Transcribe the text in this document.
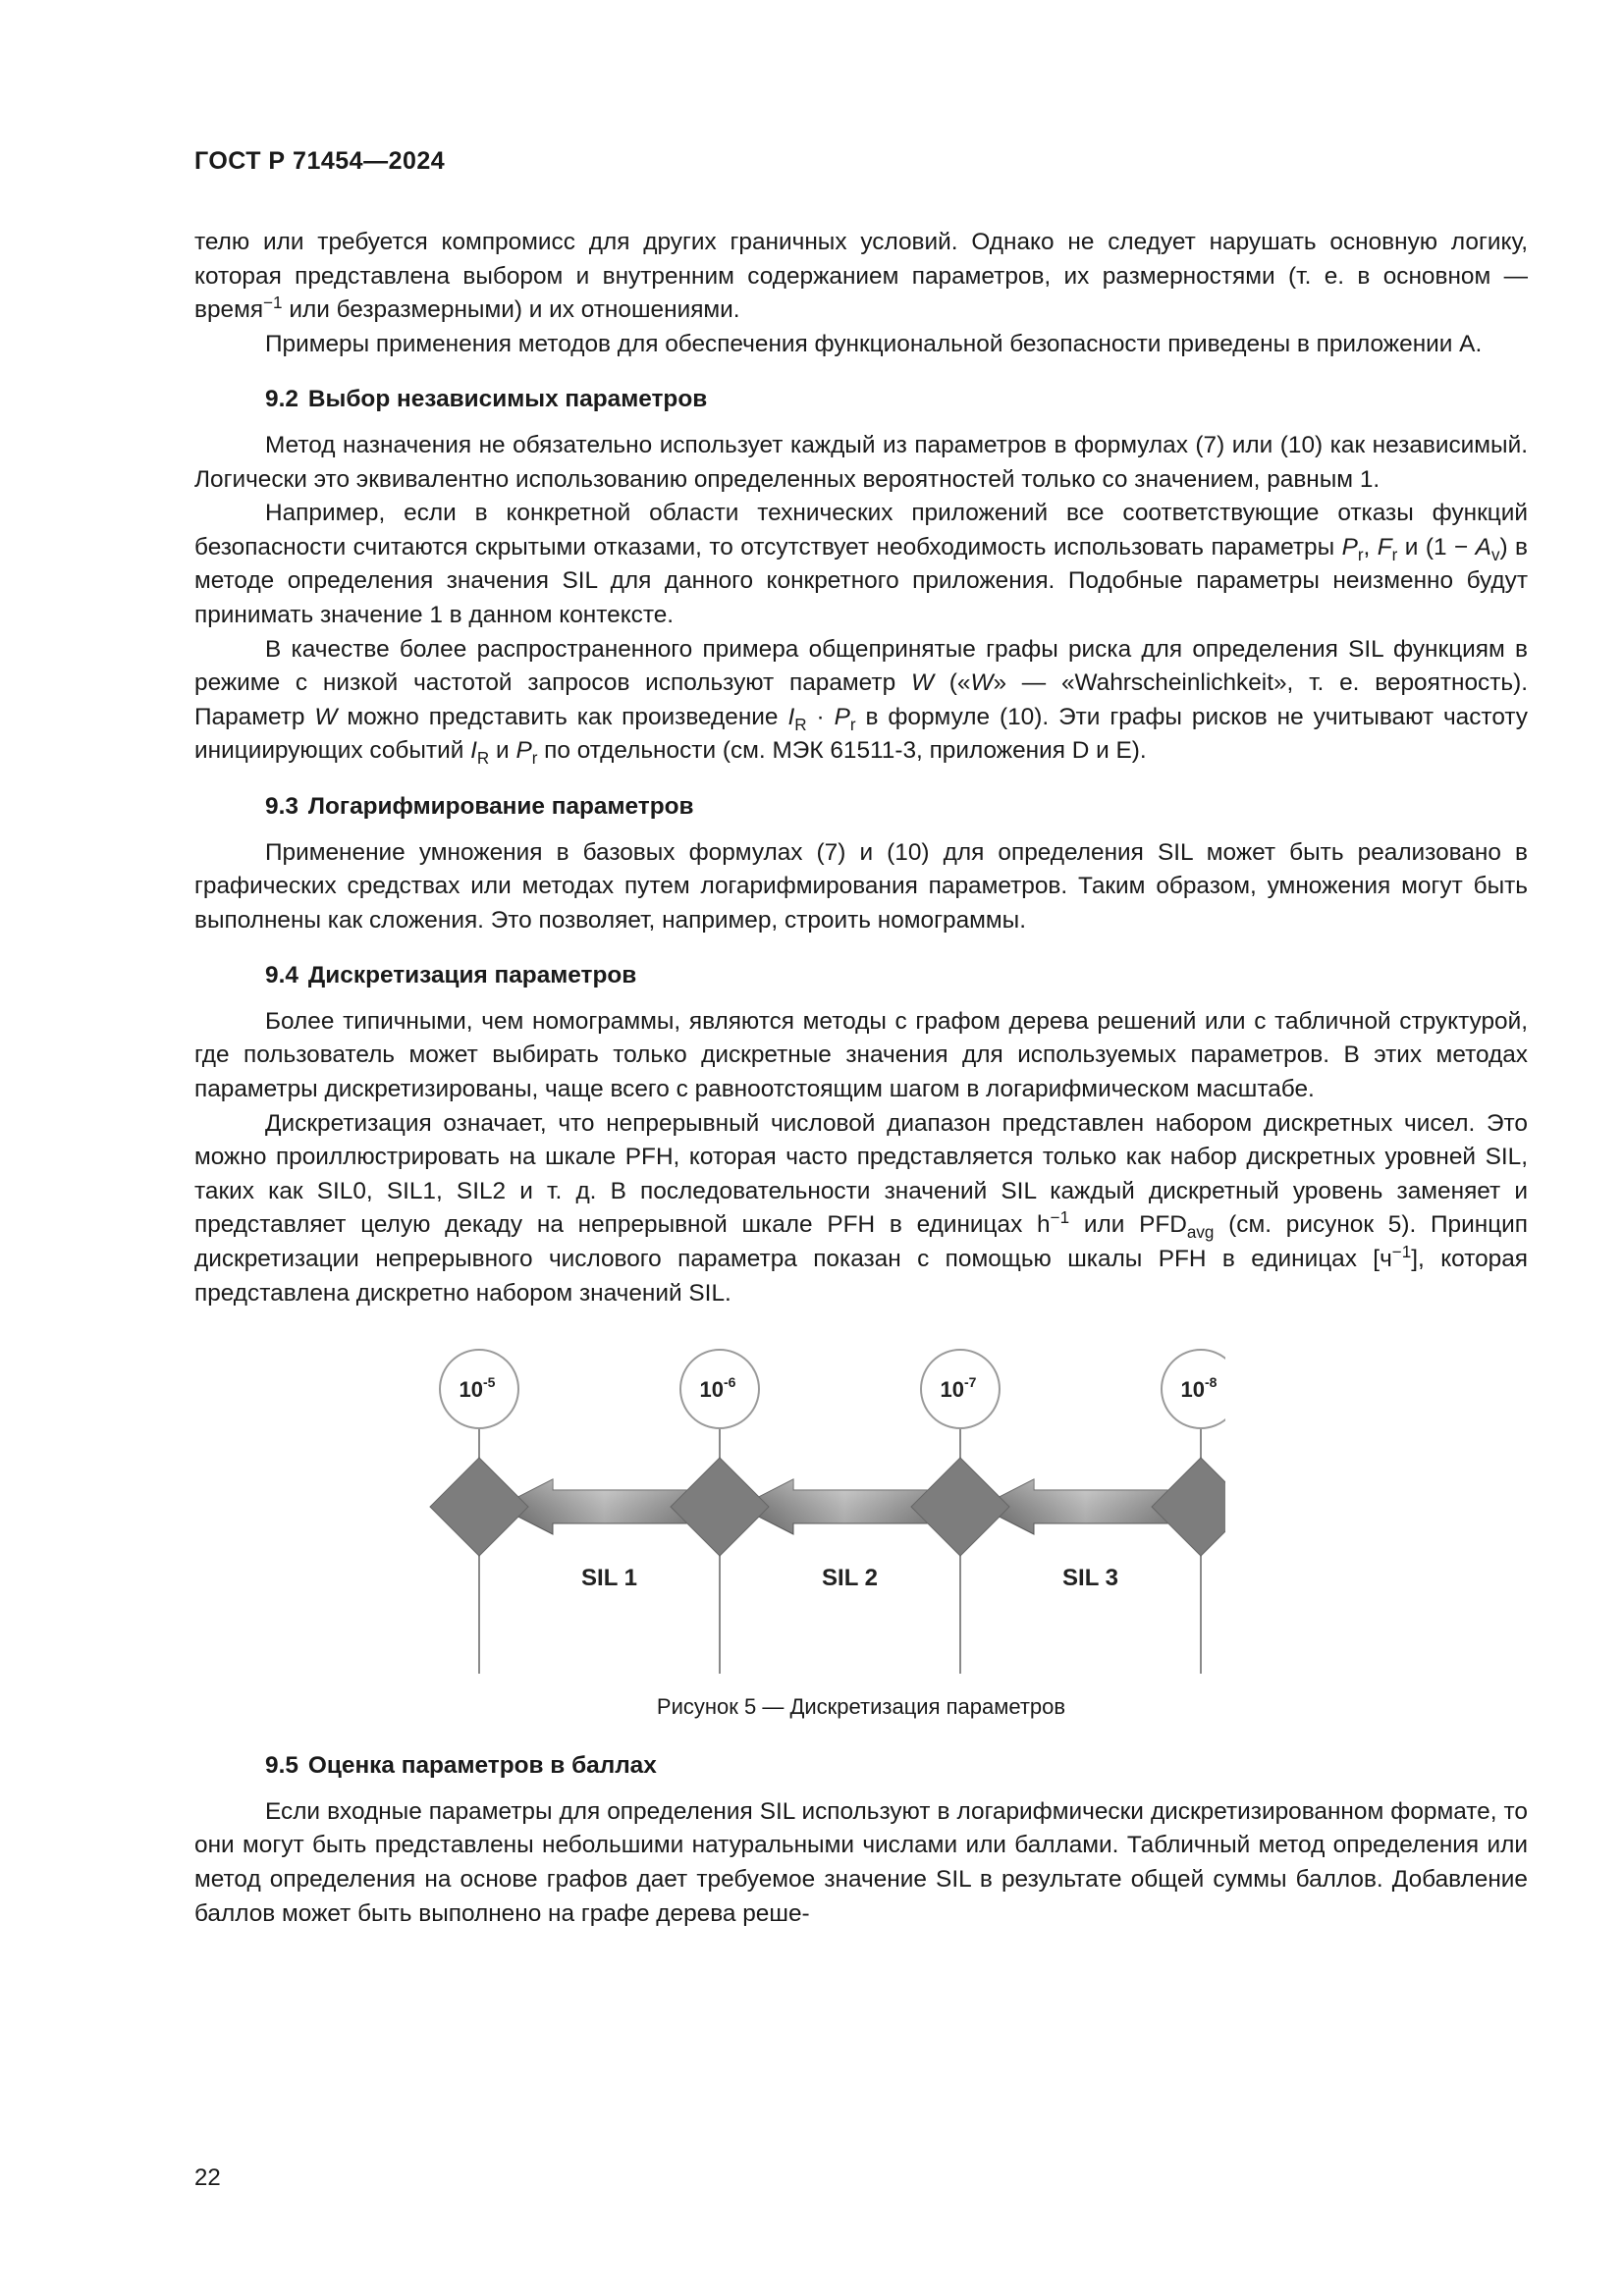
ГОСТ Р 71454—2024

телю или требуется компромисс для других граничных условий. Однако не следует нарушать основную логику, которая представлена выбором и внутренним содержанием параметров, их размерностями (т. е. в основном — время$^{-1}$ или безразмерными) и их отношениями.

Примеры применения методов для обеспечения функциональной безопасности приведены в приложении А.

9.2 Выбор независимых параметров

Метод назначения не обязательно использует каждый из параметров в формулах (7) или (10) как независимый. Логически это эквивалентно использованию определенных вероятностей только со значением, равным 1.

Например, если в конкретной области технических приложений все соответствующие отказы функций безопасности считаются скрытыми отказами, то отсутствует необходимость использовать параметры $P_r$, $F_r$ и $(1 - A_v)$ в методе определения значения SIL для данного конкретного приложения. Подобные параметры неизменно будут принимать значение 1 в данном контексте.

В качестве более распространенного примера общепринятые графы риска для определения SIL функциям в режиме с низкой частотой запросов используют параметр W («W» — «Wahrscheinlichkeit», т. е. вероятность). Параметр W можно представить как произведение $I_R \cdot P_r$ в формуле (10). Эти графы рисков не учитывают частоту инициирующих событий $I_R$ и $P_r$ по отдельности (см. МЭК 61511-3, приложения D и Е).

9.3 Логарифмирование параметров

Применение умножения в базовых формулах (7) и (10) для определения SIL может быть реализовано в графических средствах или методах путем логарифмирования параметров. Таким образом, умножения могут быть выполнены как сложения. Это позволяет, например, строить номограммы.

9.4 Дискретизация параметров

Более типичными, чем номограммы, являются методы с графом дерева решений или с табличной структурой, где пользователь может выбирать только дискретные значения для используемых параметров. В этих методах параметры дискретизированы, чаще всего с равноотстоящим шагом в логарифмическом масштабе.

Дискретизация означает, что непрерывный числовой диапазон представлен набором дискретных чисел. Это можно проиллюстрировать на шкале PFH, которая часто представляется только как набор дискретных уровней SIL, таких как SIL0, SIL1, SIL2 и т. д. В последовательности значений SIL каждый дискретный уровень заменяет и представляет целую декаду на непрерывной шкале PFH в единицах $h^{-1}$ или $PFD_{avg}$ (см. рисунок 5). Принцип дискретизации непрерывного числового параметра показан с помощью шкалы PFH в единицах $[ч^{-1}]$, которая представлена дискретно набором значений SIL.

$10^{-5}$	$10^{-6}$	$10^{-7}$	$10^{-8}$
SIL 1	SIL 2	SIL 3
Рисунок 5 — Дискретизация параметров
9.5 Оценка параметров в баллах

Если входные параметры для определения SIL используют в логарифмически дискретизированном формате, то они могут быть представлены небольшими натуральными числами или баллами. Табличный метод определения или метод определения на основе графов дает требуемое значение SIL в результате общей суммы баллов. Добавление баллов может быть выполнено на графе дерева реше-

22
